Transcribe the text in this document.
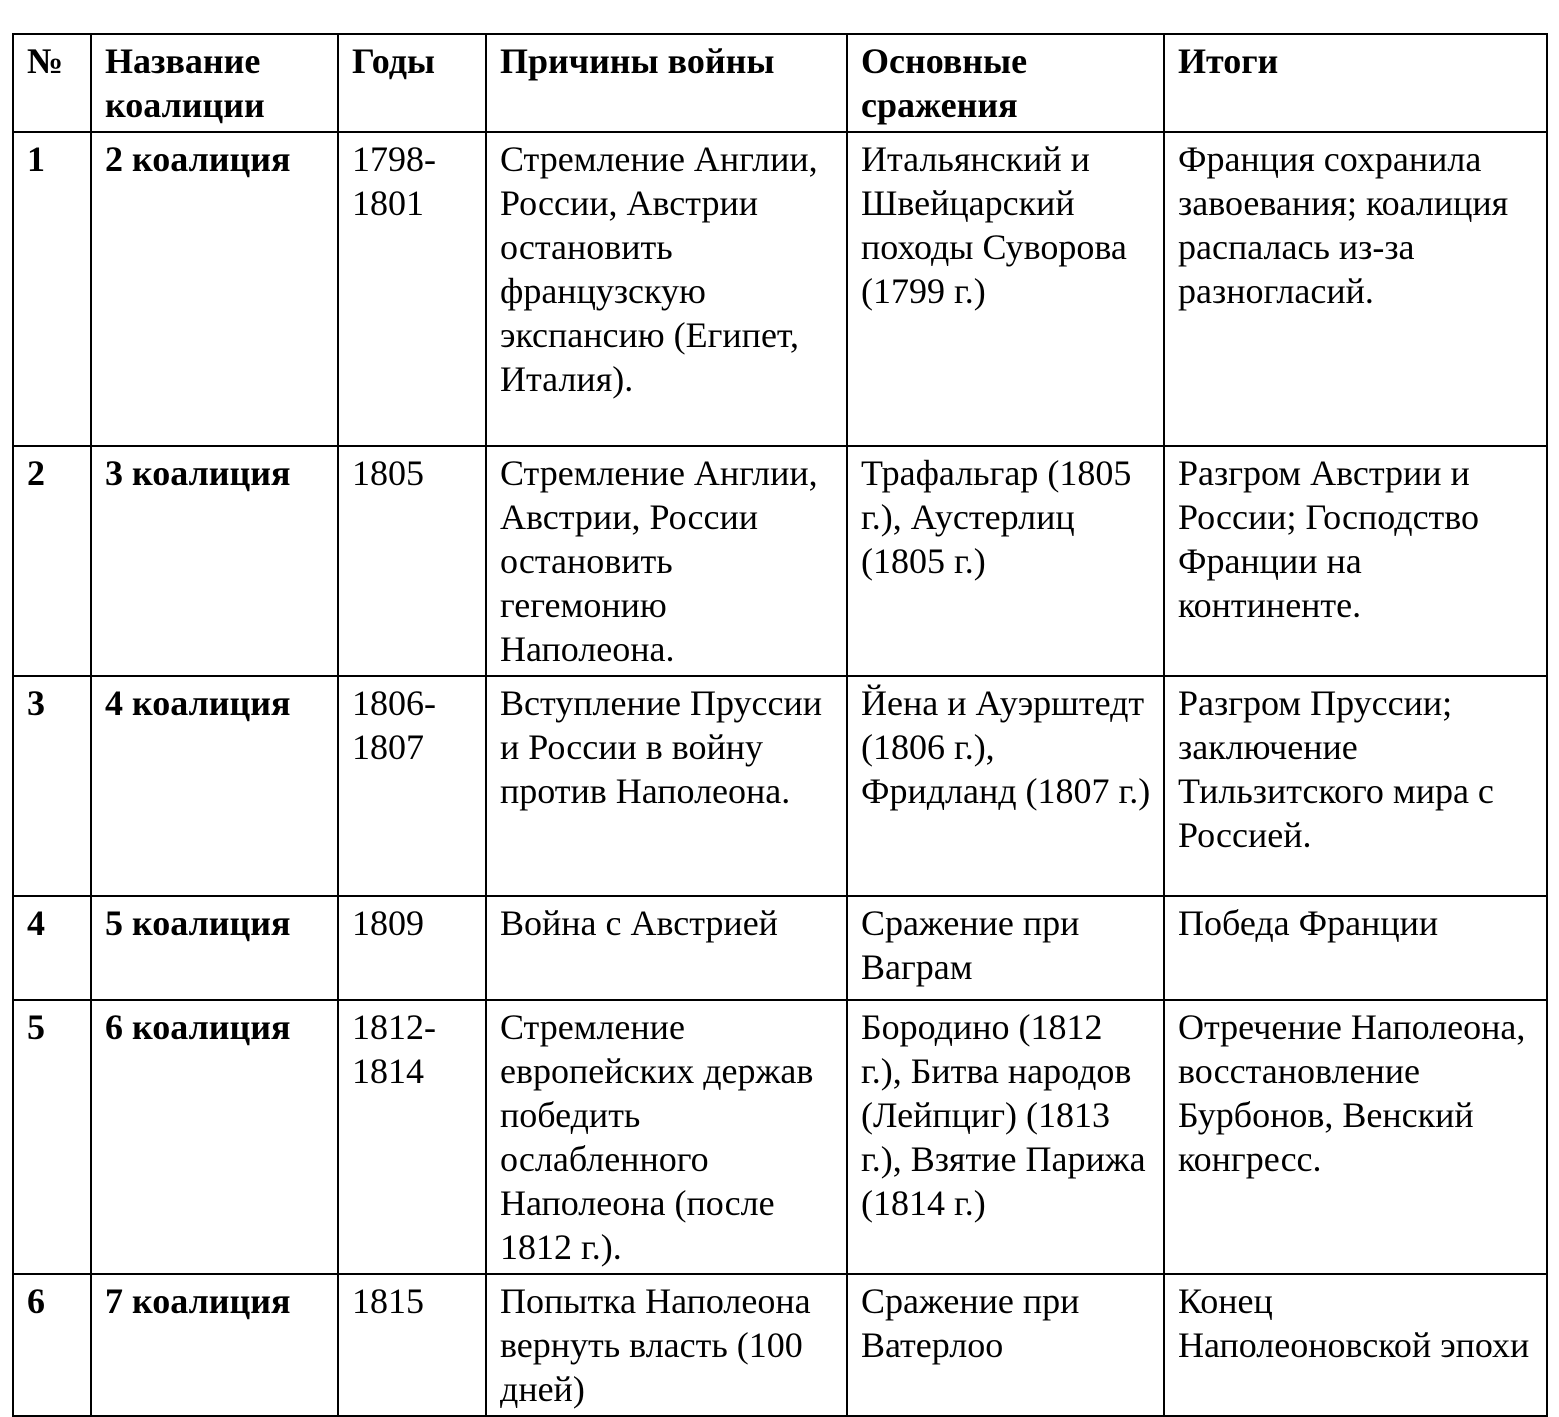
№	Название коалиции	Годы	Причины войны	Основные сражения	Итоги
1	2 коалиция	1798-1801	Стремление Англии, России, Австрии остановить французскую экспансию (Египет, Италия).	Итальянский и Швейцарский походы Суворова (1799 г.)	Франция сохранила завоевания; коалиция распалась из-за разногласий.
2	3 коалиция	1805	Стремление Англии, Австрии, России остановить гегемонию Наполеона.	Трафальгар (1805 г.), Аустерлиц (1805 г.)	Разгром Австрии и России; Господство Франции на континенте.
3	4 коалиция	1806-1807	Вступление Пруссии и России в войну против Наполеона.	Йена и Ауэрштедт (1806 г.), Фридланд (1807 г.)	Разгром Пруссии; заключение Тильзитского мира с Россией.
4	5 коалиция	1809	Война с Австрией	Сражение при Ваграм	Победа Франции
5	6 коалиция	1812-1814	Стремление европейских держав победить ослабленного Наполеона (после 1812 г.).	Бородино (1812 г.), Битва народов (Лейпциг) (1813 г.), Взятие Парижа (1814 г.)	Отречение Наполеона, восстановление Бурбонов, Венский конгресс.
6	7 коалиция	1815	Попытка Наполеона вернуть власть (100 дней)	Сражение при Ватерлоо	Конец Наполеоновской эпохи
